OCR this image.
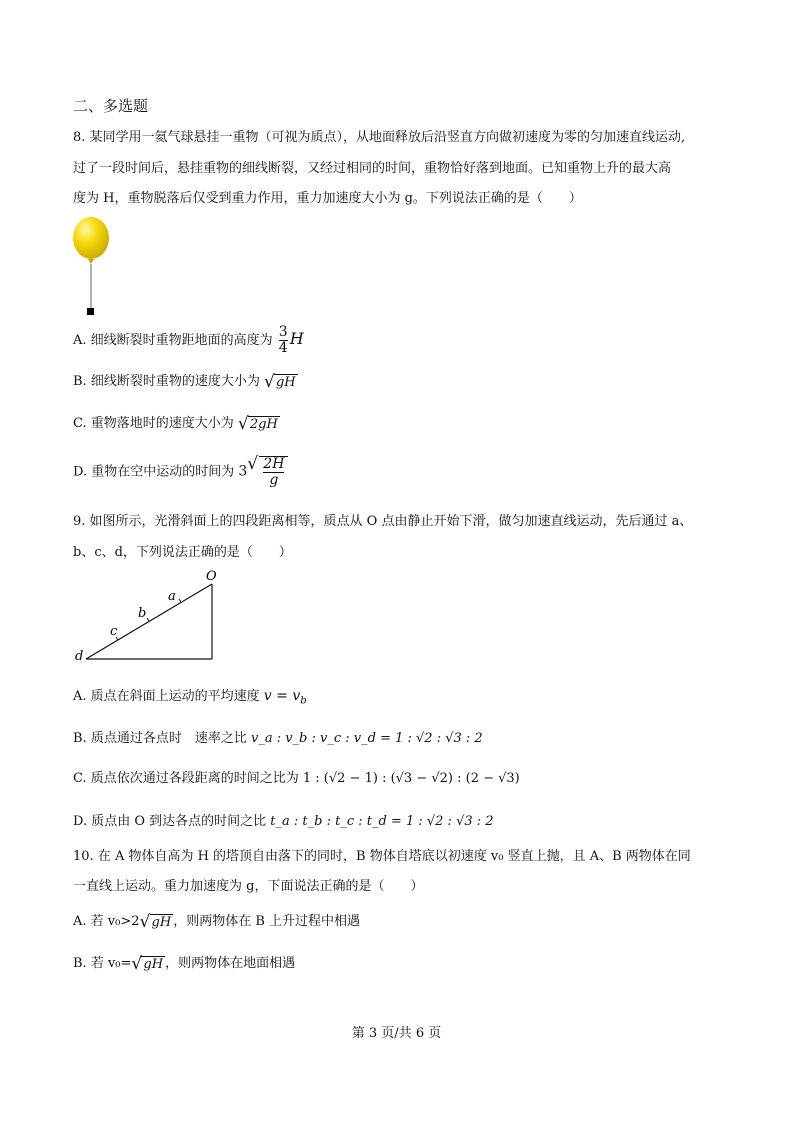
二、多选题
8. 某同学用一氦气球悬挂一重物（可视为质点），从地面释放后沿竖直方向做初速度为零的匀加速直线运动,
过了一段时间后，悬挂重物的细线断裂，又经过相同的时间，重物恰好落到地面。已知重物上升的最大高
度为 H，重物脱落后仅受到重力作用，重力加速度大小为 g。下列说法正确的是（　　）
A. 细线断裂时重物距地面的高度为 $\frac{3}{4}$ H
B. 细线断裂时重物的速度大小为 √ gH
C. 重物落地时的速度大小为 √ 2gH
D. 重物在空中运动的时间为 3 √ $\frac{2H}{g}$
9. 如图所示，光滑斜面上的四段距离相等，质点从 O 点由静止开始下滑，做匀加速直线运动，先后通过 a、
b、c、d，下列说法正确的是（　　）
O
a
b
c
d
A. 质点在斜面上运动的平均速度 $v = v_b$
B. 质点通过各点时　速率之比 v_a : v_b : v_c : v_d = 1 : √2 : √3 : 2
C. 质点依次通过各段距离的时间之比为 1 : (√2 − 1) : (√3 − √2) : (2 − √3)
D. 质点由 O 到达各点的时间之比 t_a : t_b : t_c : t_d = 1 : √2 : √3 : 2
10. 在 A 物体自高为 H 的塔顶自由落下的同时，B 物体自塔底以初速度 v₀ 竖直上抛，且 A、B 两物体在同
一直线上运动。重力加速度为 g，下面说法正确的是（　　）
A. 若 v₀>2 √ gH ，则两物体在 B 上升过程中相遇
B. 若 v₀= √ gH ，则两物体在地面相遇
第 3 页/共 6 页
